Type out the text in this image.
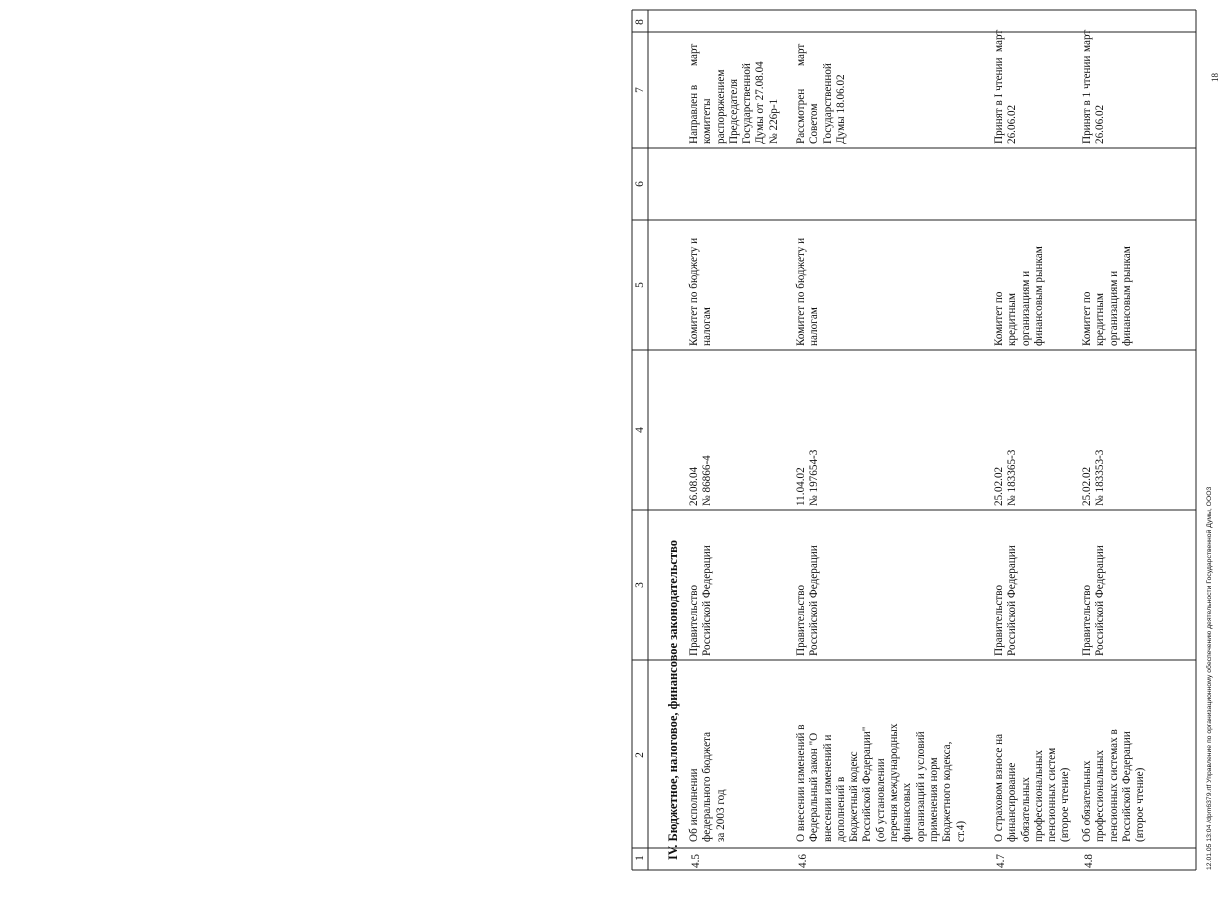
1
2
3
4
5
6
7
8
IV. Бюджетное, налоговое, финансовое законодательство
4.5
Об исполнении
федерального бюджета
за 2003 год
Правительство
Российской Федерации
26.08.04
№ 86866-4
Комитет по бюджету и
налогам
Направлен в
комитеты
распоряжением
Председателя
Государственной
Думы от 27.08.04
№ 226р-1
март
4.6
О внесении изменений в
Федеральный закон "О
внесении изменений и
дополнений в
Бюджетный кодекс
Российской Федерации"
(об установлении
перечня международных
финансовых
организаций и условий
применения норм
Бюджетного кодекса,
ст.4)
Правительство
Российской Федерации
11.04.02
№ 197654-3
Комитет по бюджету и
налогам
Рассмотрен
Советом
Государственной
Думы 18.06.02
март
4.7
О страховом взносе на
финансирование
обязательных
профессиональных
пенсионных систем
(второе чтение)
Правительство
Российской Федерации
25.02.02
№ 183365-3
Комитет по
кредитным
организациям и
финансовым рынкам
Принят в I чтении
26.06.02
март
4.8
Об обязательных
профессиональных
пенсионных системах в
Российской Федерации
(второе чтение)
Правительство
Российской Федерации
25.02.02
№ 183353-3
Комитет по
кредитным
организациям и
финансовым рынкам
Принят в 1 чтении
26.06.02
март
12.01.05 13:04 /dpm6379.rtf Управление по организационному обеспечению деятельности Государственной Думы, ООО3
18
